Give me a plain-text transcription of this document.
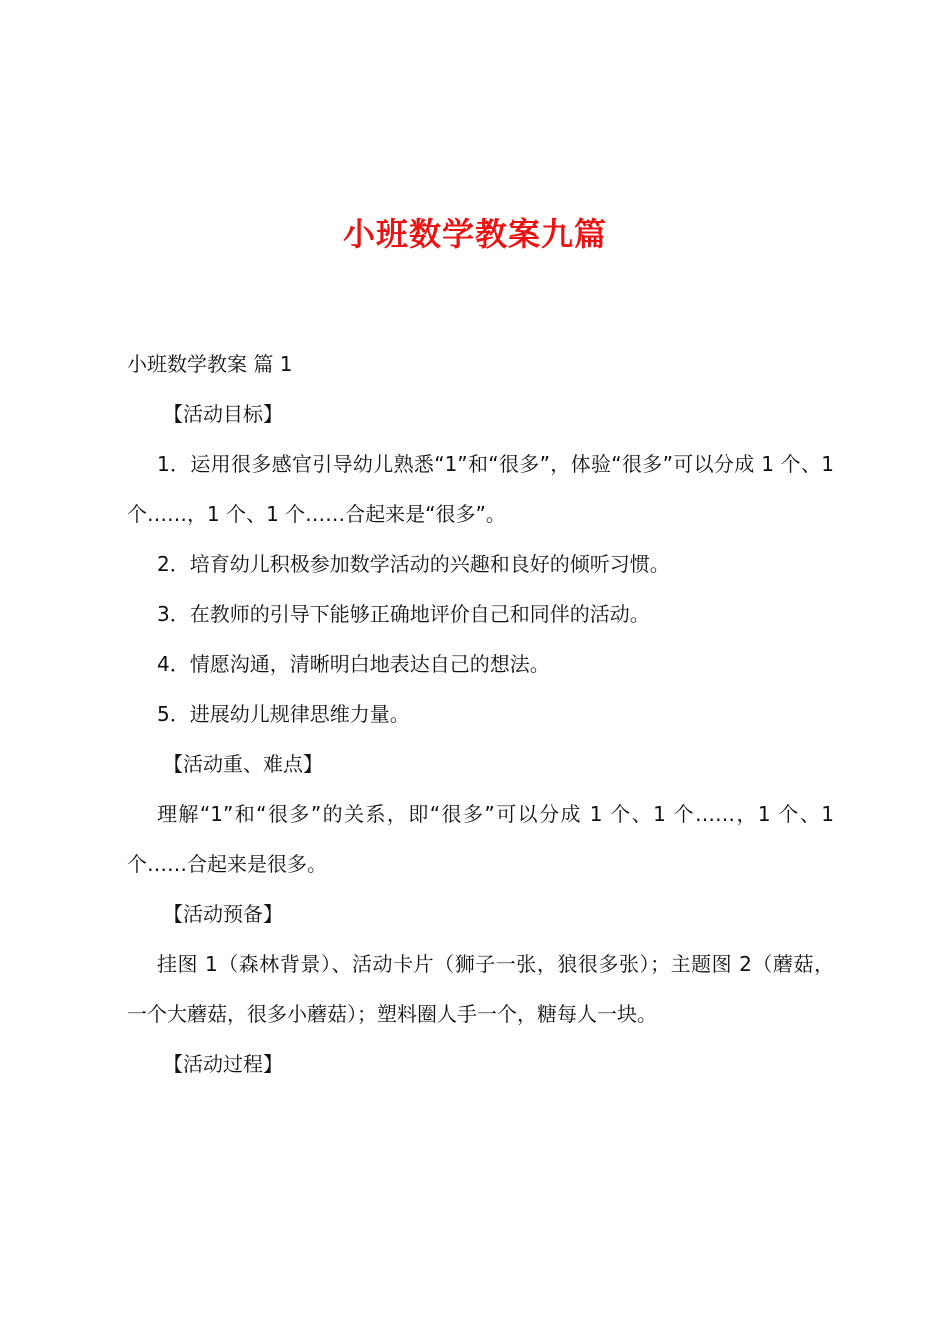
小班数学教案九篇

小班数学教案 篇 1

【活动目标】

1．运用很多感官引导幼儿熟悉“1”和“很多”，体验“很多”可以分成 1 个、1 个……，1 个、1 个……合起来是“很多”。

2．培育幼儿积极参加数学活动的兴趣和良好的倾听习惯。

3．在教师的引导下能够正确地评价自己和同伴的活动。

4．情愿沟通，清晰明白地表达自己的想法。

5．进展幼儿规律思维力量。

【活动重、难点】

理解“1”和“很多”的关系，即“很多”可以分成 1 个、1 个……，1 个、1 个……合起来是很多。

【活动预备】

挂图 1（森林背景）、活动卡片（狮子一张，狼很多张）；主题图 2（蘑菇，一个大蘑菇，很多小蘑菇）；塑料圈人手一个，糖每人一块。

【活动过程】
